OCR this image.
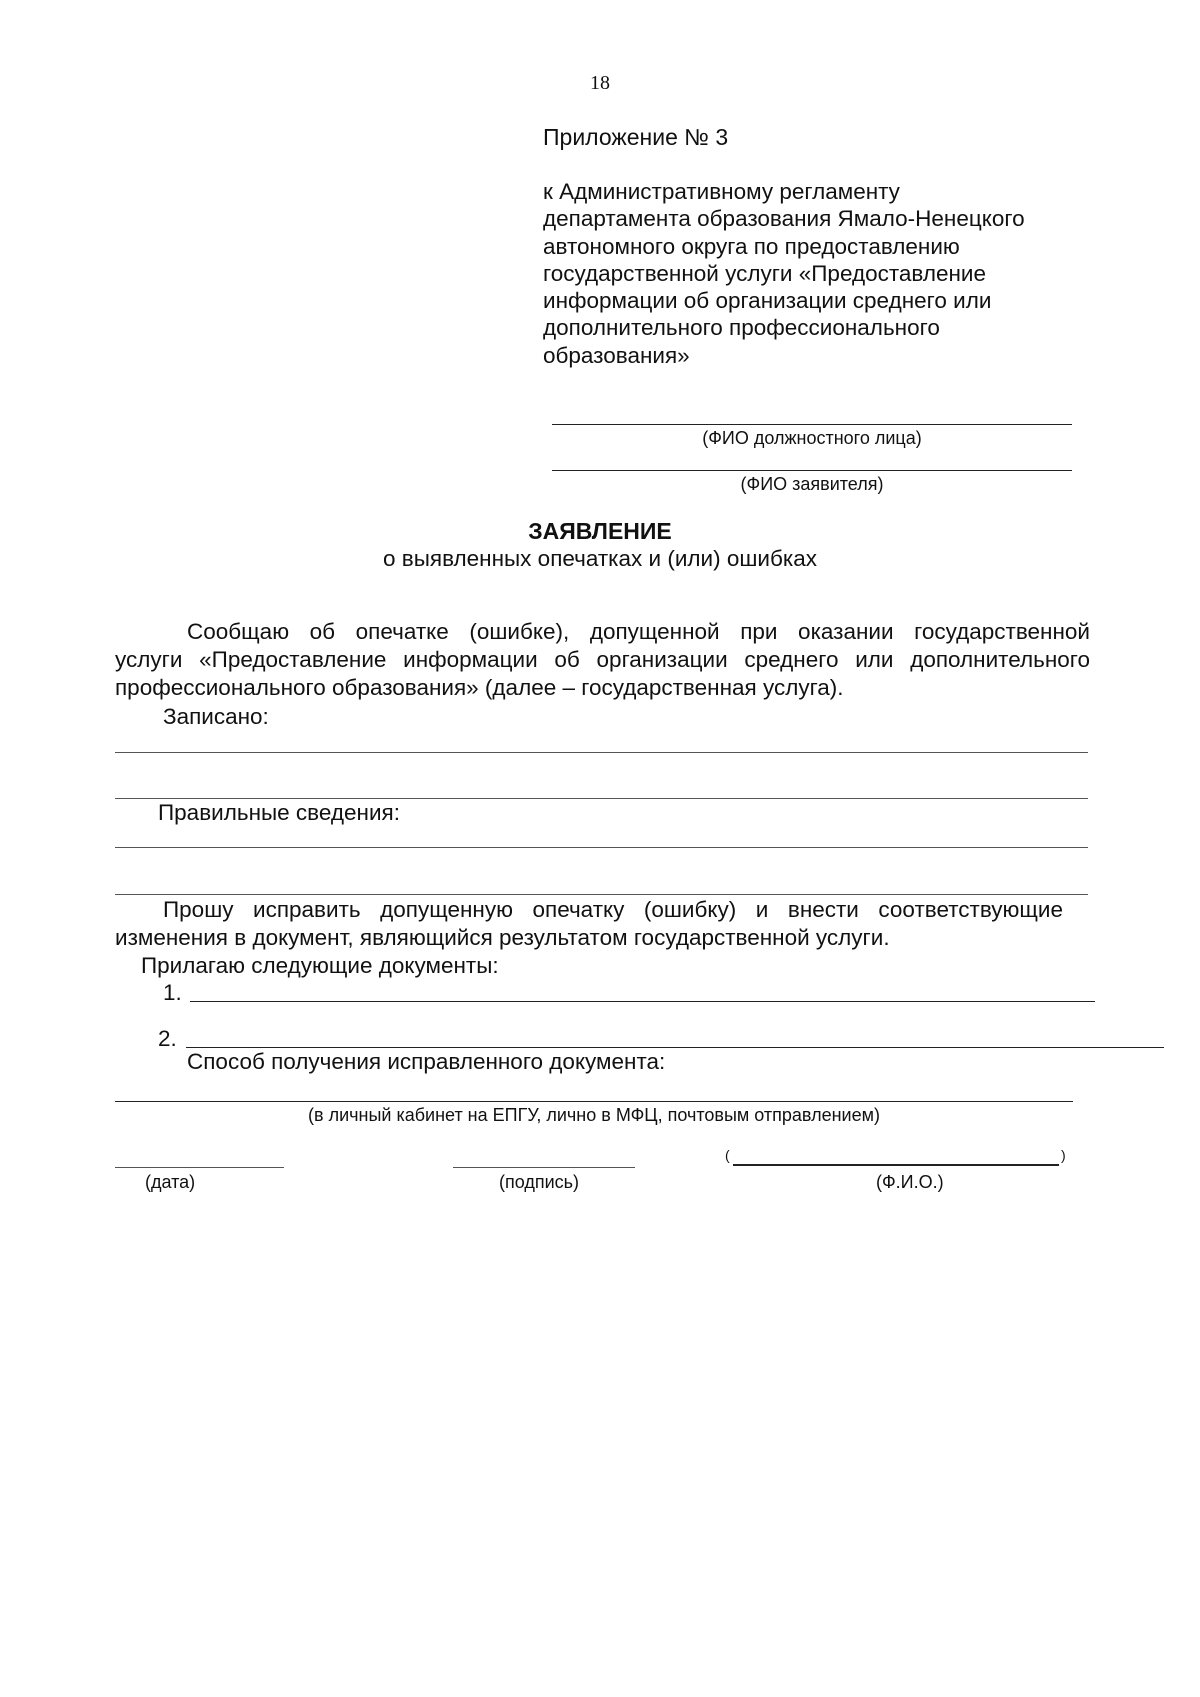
18
Приложение № 3
к Административному регламенту
департамента образования Ямало-Ненецкого
автономного округа по предоставлению
государственной услуги «Предоставление
информации об организации среднего или
дополнительного профессионального
образования»
(ФИО должностного лица)
(ФИО заявителя)
ЗАЯВЛЕНИЕ
о выявленных опечатках и (или) ошибках
Сообщаю об опечатке (ошибке), допущенной при оказании государственной
услуги «Предоставление информации об организации среднего или дополнительного
профессионального образования» (далее – государственная услуга).
Записано:
Правильные сведения:
Прошу исправить допущенную опечатку (ошибку) и внести соответствующие
изменения в документ, являющийся результатом государственной услуги.
Прилагаю следующие документы:
1.
2.
Способ получения исправленного документа:
(в личный кабинет на ЕПГУ, лично в МФЦ, почтовым отправлением)
(дата)	(подпись)
(	)
(Ф.И.О.)
